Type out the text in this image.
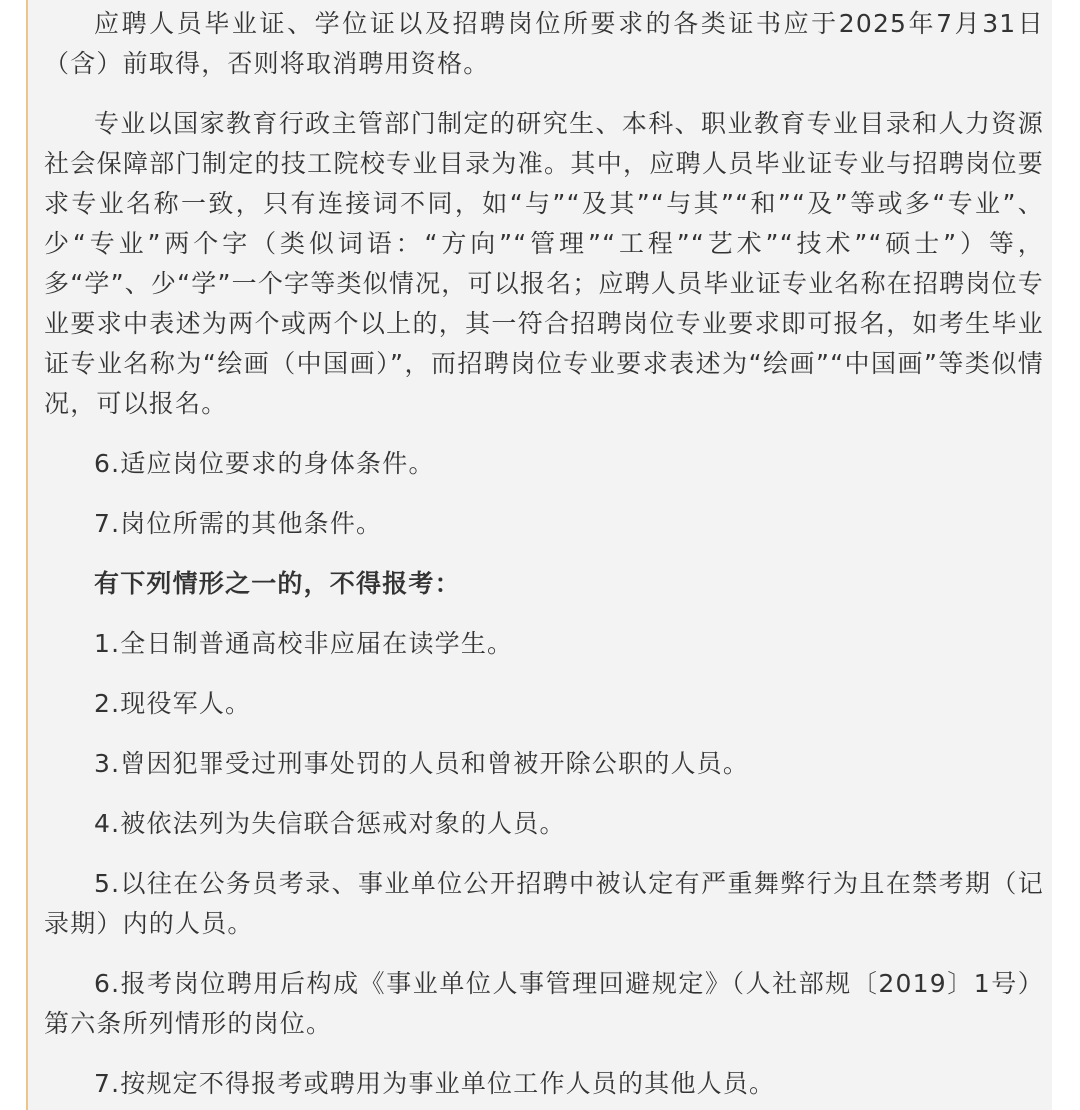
应聘人员毕业证、学位证以及招聘岗位所要求的各类证书应于2025年7月31日（含）前取得，否则将取消聘用资格。

专业以国家教育行政主管部门制定的研究生、本科、职业教育专业目录和人力资源社会保障部门制定的技工院校专业目录为准。其中，应聘人员毕业证专业与招聘岗位要求专业名称一致，只有连接词不同，如“与”“及其”“与其”“和”“及”等或多“专业”、少“专业”两个字（类似词语：“方向”“管理”“工程”“艺术”“技术”“硕士”）等，多“学”、少“学”一个字等类似情况，可以报名；应聘人员毕业证专业名称在招聘岗位专业要求中表述为两个或两个以上的，其一符合招聘岗位专业要求即可报名，如考生毕业证专业名称为“绘画（中国画）”，而招聘岗位专业要求表述为“绘画”“中国画”等类似情况，可以报名。

6.适应岗位要求的身体条件。

7.岗位所需的其他条件。

有下列情形之一的，不得报考：

1.全日制普通高校非应届在读学生。

2.现役军人。

3.曾因犯罪受过刑事处罚的人员和曾被开除公职的人员。

4.被依法列为失信联合惩戒对象的人员。

5.以往在公务员考录、事业单位公开招聘中被认定有严重舞弊行为且在禁考期（记录期）内的人员。

6.报考岗位聘用后构成《事业单位人事管理回避规定》（人社部规〔2019〕1号）第六条所列情形的岗位。

7.按规定不得报考或聘用为事业单位工作人员的其他人员。
